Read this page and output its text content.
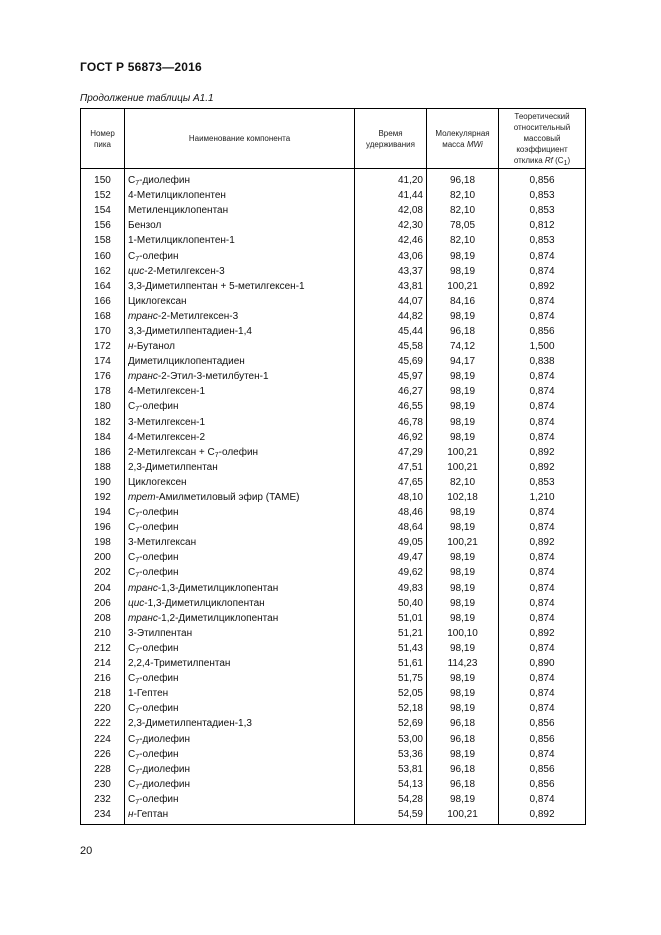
ГОСТ Р 56873—2016
Продолжение таблицы А1.1
Номер пика	Наименование компонента	Время удерживания	Молекулярная масса MWi	Теоретический относительный массовый коэффициент отклика Rf $(C_1)$
150	$C_7$-диолефин	41,20	96,18	0,856
152	4-Метилциклопентен	41,44	82,10	0,853
154	Метиленциклопентан	42,08	82,10	0,853
156	Бензол	42,30	78,05	0,812
158	1-Метилциклопентен-1	42,46	82,10	0,853
160	$C_7$-олефин	43,06	98,19	0,874
162	цис-2-Метилгексен-3	43,37	98,19	0,874
164	3,3-Диметилпентан + 5-метилгексен-1	43,81	100,21	0,892
166	Циклогексан	44,07	84,16	0,874
168	транс-2-Метилгексен-3	44,82	98,19	0,874
170	3,3-Диметилпентадиен-1,4	45,44	96,18	0,856
172	н-Бутанол	45,58	74,12	1,500
174	Диметилциклопентадиен	45,69	94,17	0,838
176	транс-2-Этил-3-метилбутен-1	45,97	98,19	0,874
178	4-Метилгексен-1	46,27	98,19	0,874
180	$C_7$-олефин	46,55	98,19	0,874
182	3-Метилгексен-1	46,78	98,19	0,874
184	4-Метилгексен-2	46,92	98,19	0,874
186	2-Метилгексан + $C_7$-олефин	47,29	100,21	0,892
188	2,3-Диметилпентан	47,51	100,21	0,892
190	Циклогексен	47,65	82,10	0,853
192	трет-Амилметиловый эфир (TAME)	48,10	102,18	1,210
194	$C_7$-олефин	48,46	98,19	0,874
196	$C_7$-олефин	48,64	98,19	0,874
198	3-Метилгексан	49,05	100,21	0,892
200	$C_7$-олефин	49,47	98,19	0,874
202	$C_7$-олефин	49,62	98,19	0,874
204	транс-1,3-Диметилциклопентан	49,83	98,19	0,874
206	цис-1,3-Диметилциклопентан	50,40	98,19	0,874
208	транс-1,2-Диметилциклопентан	51,01	98,19	0,874
210	3-Этилпентан	51,21	100,10	0,892
212	$C_7$-олефин	51,43	98,19	0,874
214	2,2,4-Триметилпентан	51,61	114,23	0,890
216	$C_7$-олефин	51,75	98,19	0,874
218	1-Гептен	52,05	98,19	0,874
220	$C_7$-олефин	52,18	98,19	0,874
222	2,3-Диметилпентадиен-1,3	52,69	96,18	0,856
224	$C_7$-диолефин	53,00	96,18	0,856
226	$C_7$-олефин	53,36	98,19	0,874
228	$C_7$-диолефин	53,81	96,18	0,856
230	$C_7$-диолефин	54,13	96,18	0,856
232	$C_7$-олефин	54,28	98,19	0,874
234	н-Гептан	54,59	100,21	0,892
20
